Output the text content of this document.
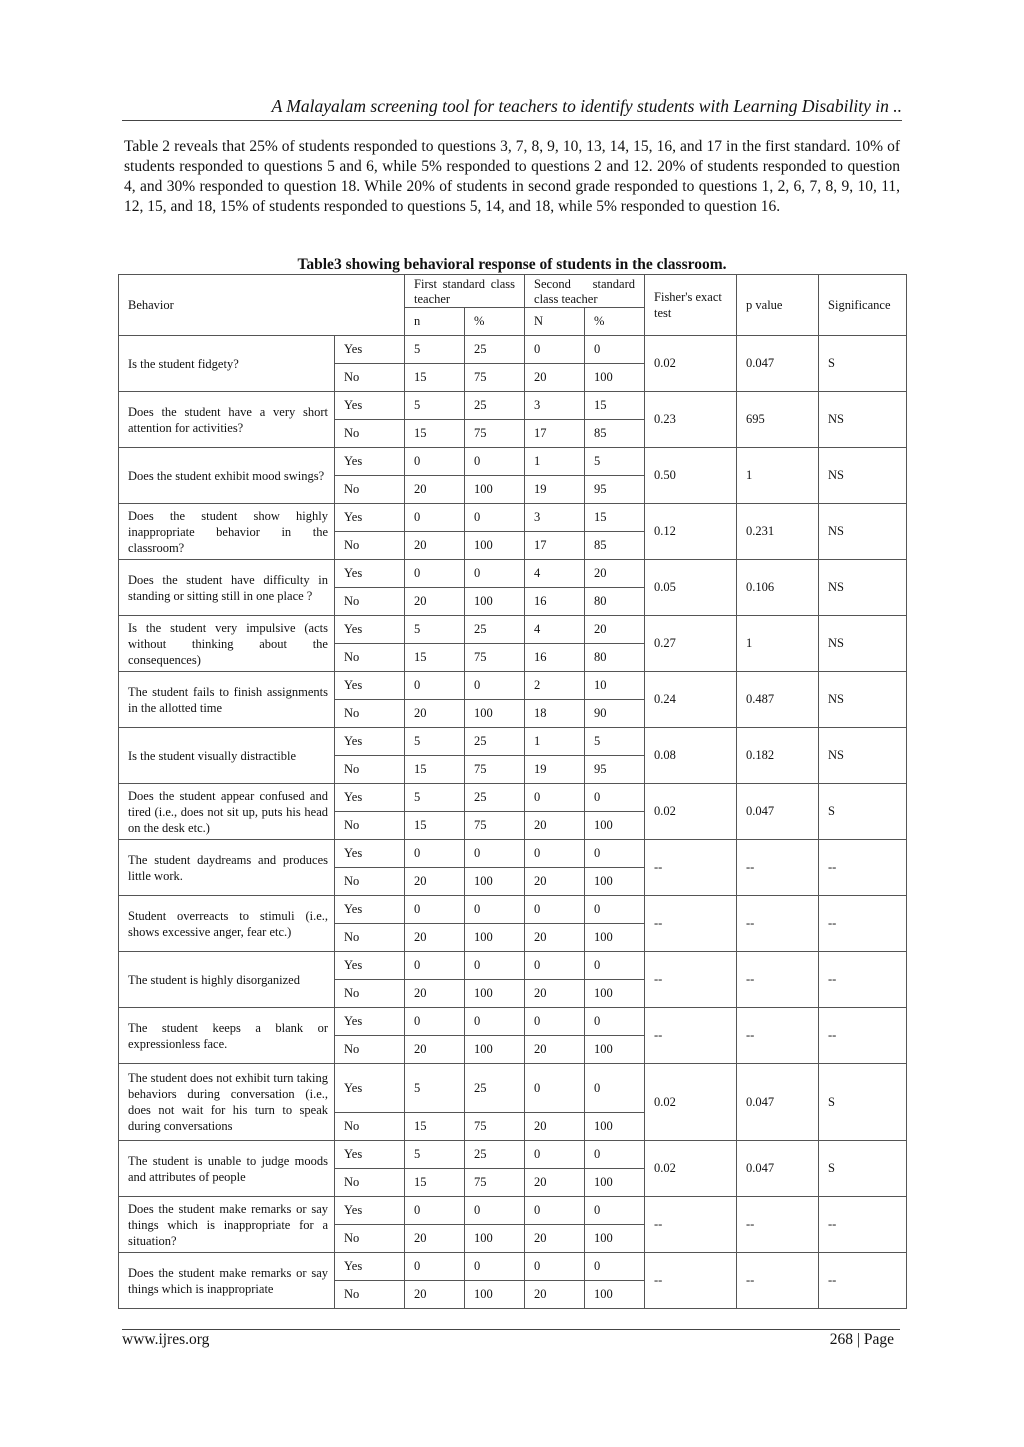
A Malayalam screening tool for teachers to identify students with Learning Disability in ..
Table 2 reveals that 25% of students responded to questions 3, 7, 8, 9, 10, 13, 14, 15, 16, and 17 in the first standard. 10% of students responded to questions 5 and 6, while 5% responded to questions 2 and 12. 20% of students responded to question 4, and 30% responded to question 18. While 20% of students in second grade responded to questions 1, 2, 6, 7, 8, 9, 10, 11, 12, 15, and 18, 15% of students responded to questions 5, 14, and 18, while 5% responded to question 16.
Table3 showing behavioral response of students in the classroom.
Behavior		First standard class teacher		Second standard class teacher		Fisher's exact test	p value	Significance
		n	%	N	%			
Is the student fidgety?	Yes	5	25	0	0	0.02	0.047	S
	No	15	75	20	100			
Does the student have a very short attention for activities?	Yes	5	25	3	15	0.23	695	NS
	No	15	75	17	85			
Does the student exhibit mood swings?	Yes	0	0	1	5	0.50	1	NS
	No	20	100	19	95			
Does the student show highly inappropriate behavior in the classroom?	Yes	0	0	3	15	0.12	0.231	NS
	No	20	100	17	85			
Does the student have difficulty in standing or sitting still in one place ?	Yes	0	0	4	20	0.05	0.106	NS
	No	20	100	16	80			
Is the student very impulsive (acts without thinking about the consequences)	Yes	5	25	4	20	0.27	1	NS
	No	15	75	16	80			
The student fails to finish assignments in the allotted time	Yes	0	0	2	10	0.24	0.487	NS
	No	20	100	18	90			
Is the student visually distractible	Yes	5	25	1	5	0.08	0.182	NS
	No	15	75	19	95			
Does the student appear confused and tired (i.e., does not sit up, puts his head on the desk etc.)	Yes	5	25	0	0	0.02	0.047	S
	No	15	75	20	100			
The student daydreams and produces little work.	Yes	0	0	0	0	--	--	--
	No	20	100	20	100			
Student overreacts to stimuli (i.e., shows excessive anger, fear etc.)	Yes	0	0	0	0	--	--	--
	No	20	100	20	100			
The student is highly disorganized	Yes	0	0	0	0	--	--	--
	No	20	100	20	100			
The student keeps a blank or expressionless face.	Yes	0	0	0	0	--	--	--
	No	20	100	20	100			
The student does not exhibit turn taking behaviors during conversation (i.e., does not wait for his turn to speak during conversations	Yes	5	25	0	0	0.02	0.047	S
	No	15	75	20	100			
The student is unable to judge moods and attributes of people	Yes	5	25	0	0	0.02	0.047	S
	No	15	75	20	100			
Does the student make remarks or say things which is inappropriate for a situation?	Yes	0	0	0	0	--	--	--
	No	20	100	20	100			
Does the student make remarks or say things which is inappropriate	Yes	0	0	0	0	--	--	--
	No	20	100	20	100			
www.ijres.org	268 | Page
